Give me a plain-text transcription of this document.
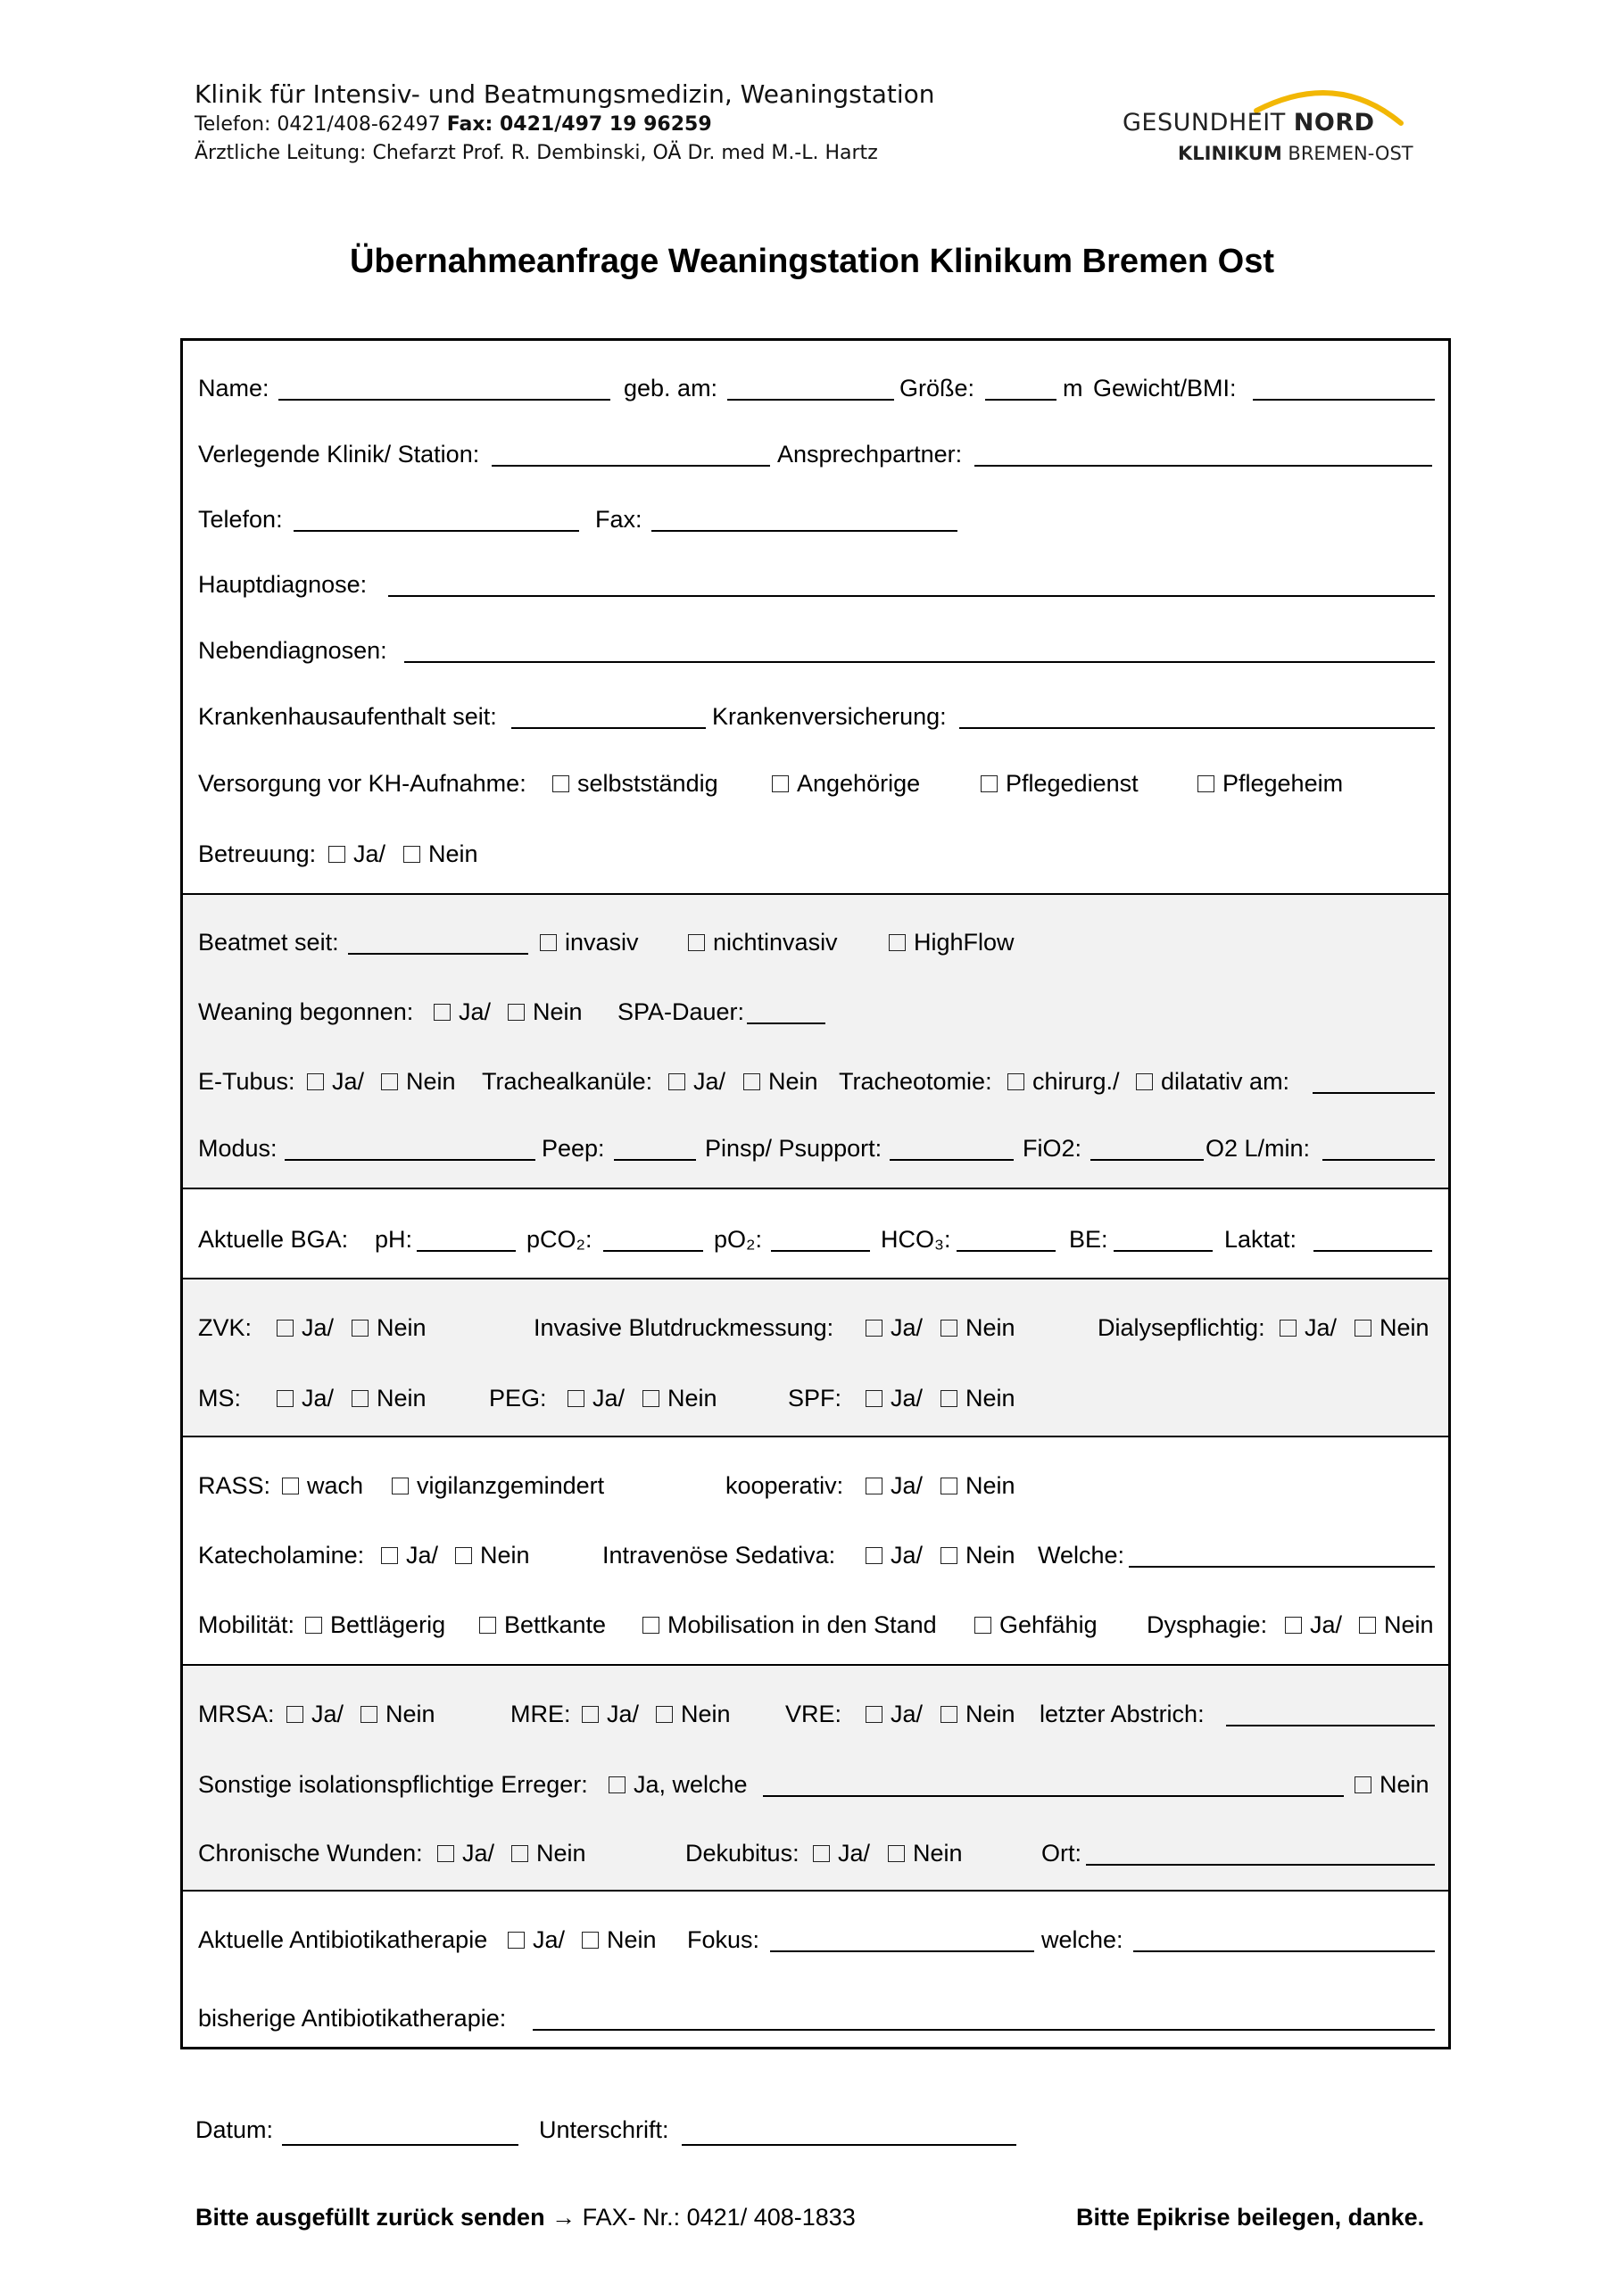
Klinik für Intensiv- und Beatmungsmedizin, Weaningstation
Telefon: 0421/408-62497 Fax: 0421/497 19 96259
Ärztliche Leitung: Chefarzt Prof. R. Dembinski, OÄ Dr. med M.-L. Hartz
GESUNDHEIT NORD
KLINIKUM BREMEN-OST
Übernahmeanfrage Weaningstation Klinikum Bremen Ost
Name:	geb. am:	Größe:	m Gewicht/BMI:
Verlegende Klinik/ Station:	Ansprechpartner:
Telefon:	Fax:
Hauptdiagnose:
Nebendiagnosen:
Krankenhausaufenthalt seit:	Krankenversicherung:
Versorgung vor KH-Aufnahme:	selbstständig	Angehörige	Pflegedienst	Pflegeheim
Betreuung:	Ja/	Nein
Beatmet seit:	invasiv	nichtinvasiv	HighFlow
Weaning begonnen:	Ja/	Nein SPA-Dauer:
E-Tubus:	Ja/	Nein Trachealkanüle:	Ja/	Nein Tracheotomie:	chirurg./	dilatativ am:
Modus:	Peep:	Pinsp/ Psupport:	FiO2:	O2 L/min:
Aktuelle BGA: pH:	pCO₂:	pO₂:	HCO₃:	BE:	Laktat:
ZVK:	Ja/	Nein	Invasive Blutdruckmessung:	Ja/	Nein	Dialysepflichtig:	Ja/	Nein
MS:	Ja/	Nein	PEG:	Ja/	Nein	SPF:	Ja/	Nein
RASS:	wach	vigilanzgemindert	kooperativ:	Ja/	Nein
Katecholamine:	Ja/	Nein	Intravenöse Sedativa:	Ja/	Nein Welche:
Mobilität:	Bettlägerig	Bettkante	Mobilisation in den Stand	Gehfähig Dysphagie:	Ja/	Nein
MRSA:	Ja/	Nein	MRE:	Ja/	Nein VRE:	Ja/	Nein letzter Abstrich:
Sonstige isolationspflichtige Erreger:	Ja, welche	Nein
Chronische Wunden:	Ja/	Nein	Dekubitus:	Ja/	Nein	Ort:
Aktuelle Antibiotikatherapie	Ja/	Nein Fokus:	welche:
bisherige Antibiotikatherapie:
Datum:	Unterschrift:
Bitte ausgefüllt zurück senden → FAX- Nr.: 0421/ 408-1833	Bitte Epikrise beilegen, danke.
